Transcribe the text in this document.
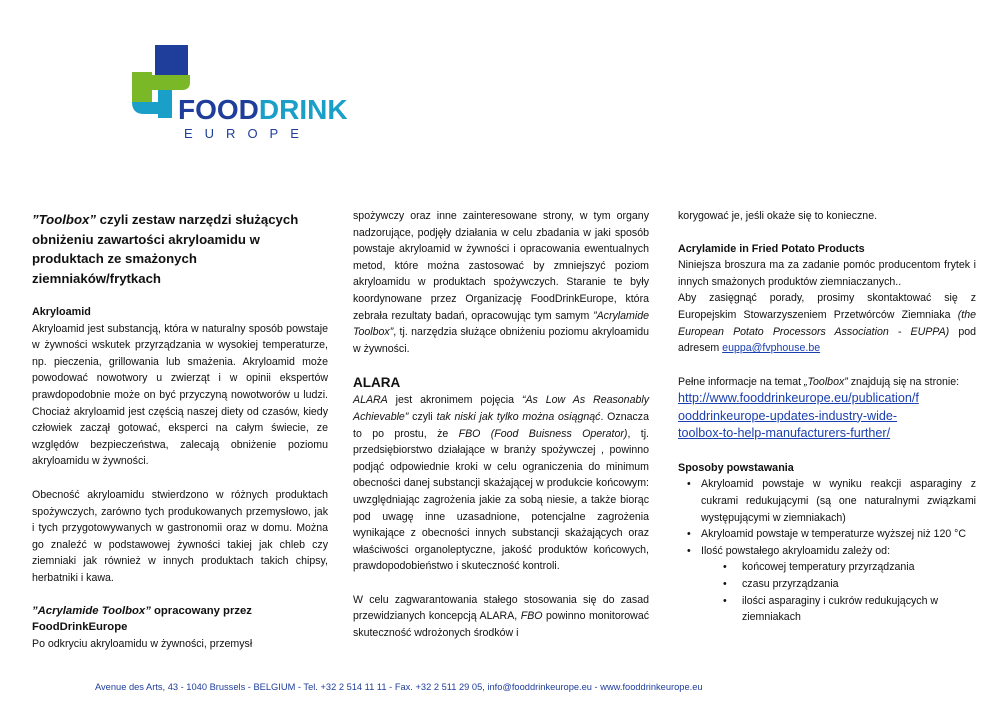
FOODDRINK
EUROPE

”Toolbox” czyli zestaw narzędzi służących obniżeniu zawartości akryloamidu w produktach ze smażonych ziemniaków/frytkach

Akryloamid

Akryloamid jest substancją, która w naturalny sposób powstaje w żywności wskutek przyrządzania w wysokiej temperaturze, np. pieczenia, grillowania lub smażenia. Akryloamid może powodować nowotwory u zwierząt i w opinii ekspertów prawdopodobnie może on być przyczyną nowotworów u ludzi. Chociaż akryloamid jest częścią naszej diety od czasów, kiedy człowiek zaczął gotować, eksperci na całym świecie, ze względów bezpieczeństwa, zalecają obniżenie poziomu akryloamidu w żywności.

Obecność akryloamidu stwierdzono w różnych produktach spożywczych, zarówno tych produkowanych przemysłowo, jak i tych przygotowywanych w gastronomii oraz w domu. Można go znaleźć w podstawowej żywności takiej jak chleb czy ziemniaki jak również w innych produktach takich chipsy, herbatniki i kawa.

”Acrylamide Toolbox” opracowany przez FoodDrinkEurope

Po odkryciu akryloamidu w żywności, przemysł

spożywczy oraz inne zainteresowane strony, w tym organy nadzorujące, podjęły działania w celu zbadania w jaki sposób powstaje akryloamid w żywności i opracowania ewentualnych metod, które można zastosować by zmniejszyć poziom akryloamidu w produktach spożywczych. Staranie te były koordynowane przez Organizację FoodDrinkEurope, która zebrała rezultaty badań, opracowując tym samym ”Acrylamide Toolbox”, tj. narzędzia służące obniżeniu poziomu akryloamidu w żywności.

ALARA

ALARA jest akronimem pojęcia “As Low As Reasonably Achievable” czyli tak niski jak tylko można osiągnąć. Oznacza to po prostu, że FBO (Food Buisness Operator), tj. przedsiębiorstwo działające w branży spożywczej , powinno podjąć odpowiednie kroki w celu ograniczenia do minimum obecności danej substancji skażającej w produkcie końcowym: uwzględniając zagrożenia jakie za sobą niesie, a także biorąc pod uwagę inne uzasadnione, potencjalne zagrożenia wynikające z obecności innych substancji skażających oraz właściwości organoleptyczne, jakość produktów końcowych, prawdopodobieństwo i skuteczność kontroli.

W celu zagwarantowania stałego stosowania się do zasad przewidzianych koncepcją ALARA, FBO powinno monitorować skuteczność wdrożonych środków i

korygować je, jeśli okaże się to konieczne.

Acrylamide in Fried Potato Products

Niniejsza broszura ma za zadanie pomóc producentom frytek i innych smażonych produktów ziemniaczanych..

Aby zasięgnąć porady, prosimy skontaktować się z Europejskim Stowarzyszeniem Przetwórców Ziemniaka (the European Potato Processors Association - EUPPA) pod adresem euppa@fvphouse.be

Pełne informacje na temat „Toolbox” znajdują się na stronie:

http://www.fooddrinkeurope.eu/publication/f
ooddrinkeurope-updates-industry-wide-
toolbox-to-help-manufacturers-further/

Sposoby powstawania

• Akryloamid powstaje w wyniku reakcji asparaginy z cukrami redukującymi (są one naturalnymi związkami występującymi w ziemniakach)
• Akryloamid powstaje w temperaturze wyższej niż 120 °C
• Ilość powstałego akryloamidu zależy od:
• końcowej temperatury przyrządzania
• czasu przyrządzania
• ilości asparaginy i cukrów redukujących w ziemniakach
Avenue des Arts, 43 - 1040 Brussels - BELGIUM - Tel. +32 2 514 11 11 - Fax. +32 2 511 29 05, info@fooddrinkeurope.eu - www.fooddrinkeurope.eu
